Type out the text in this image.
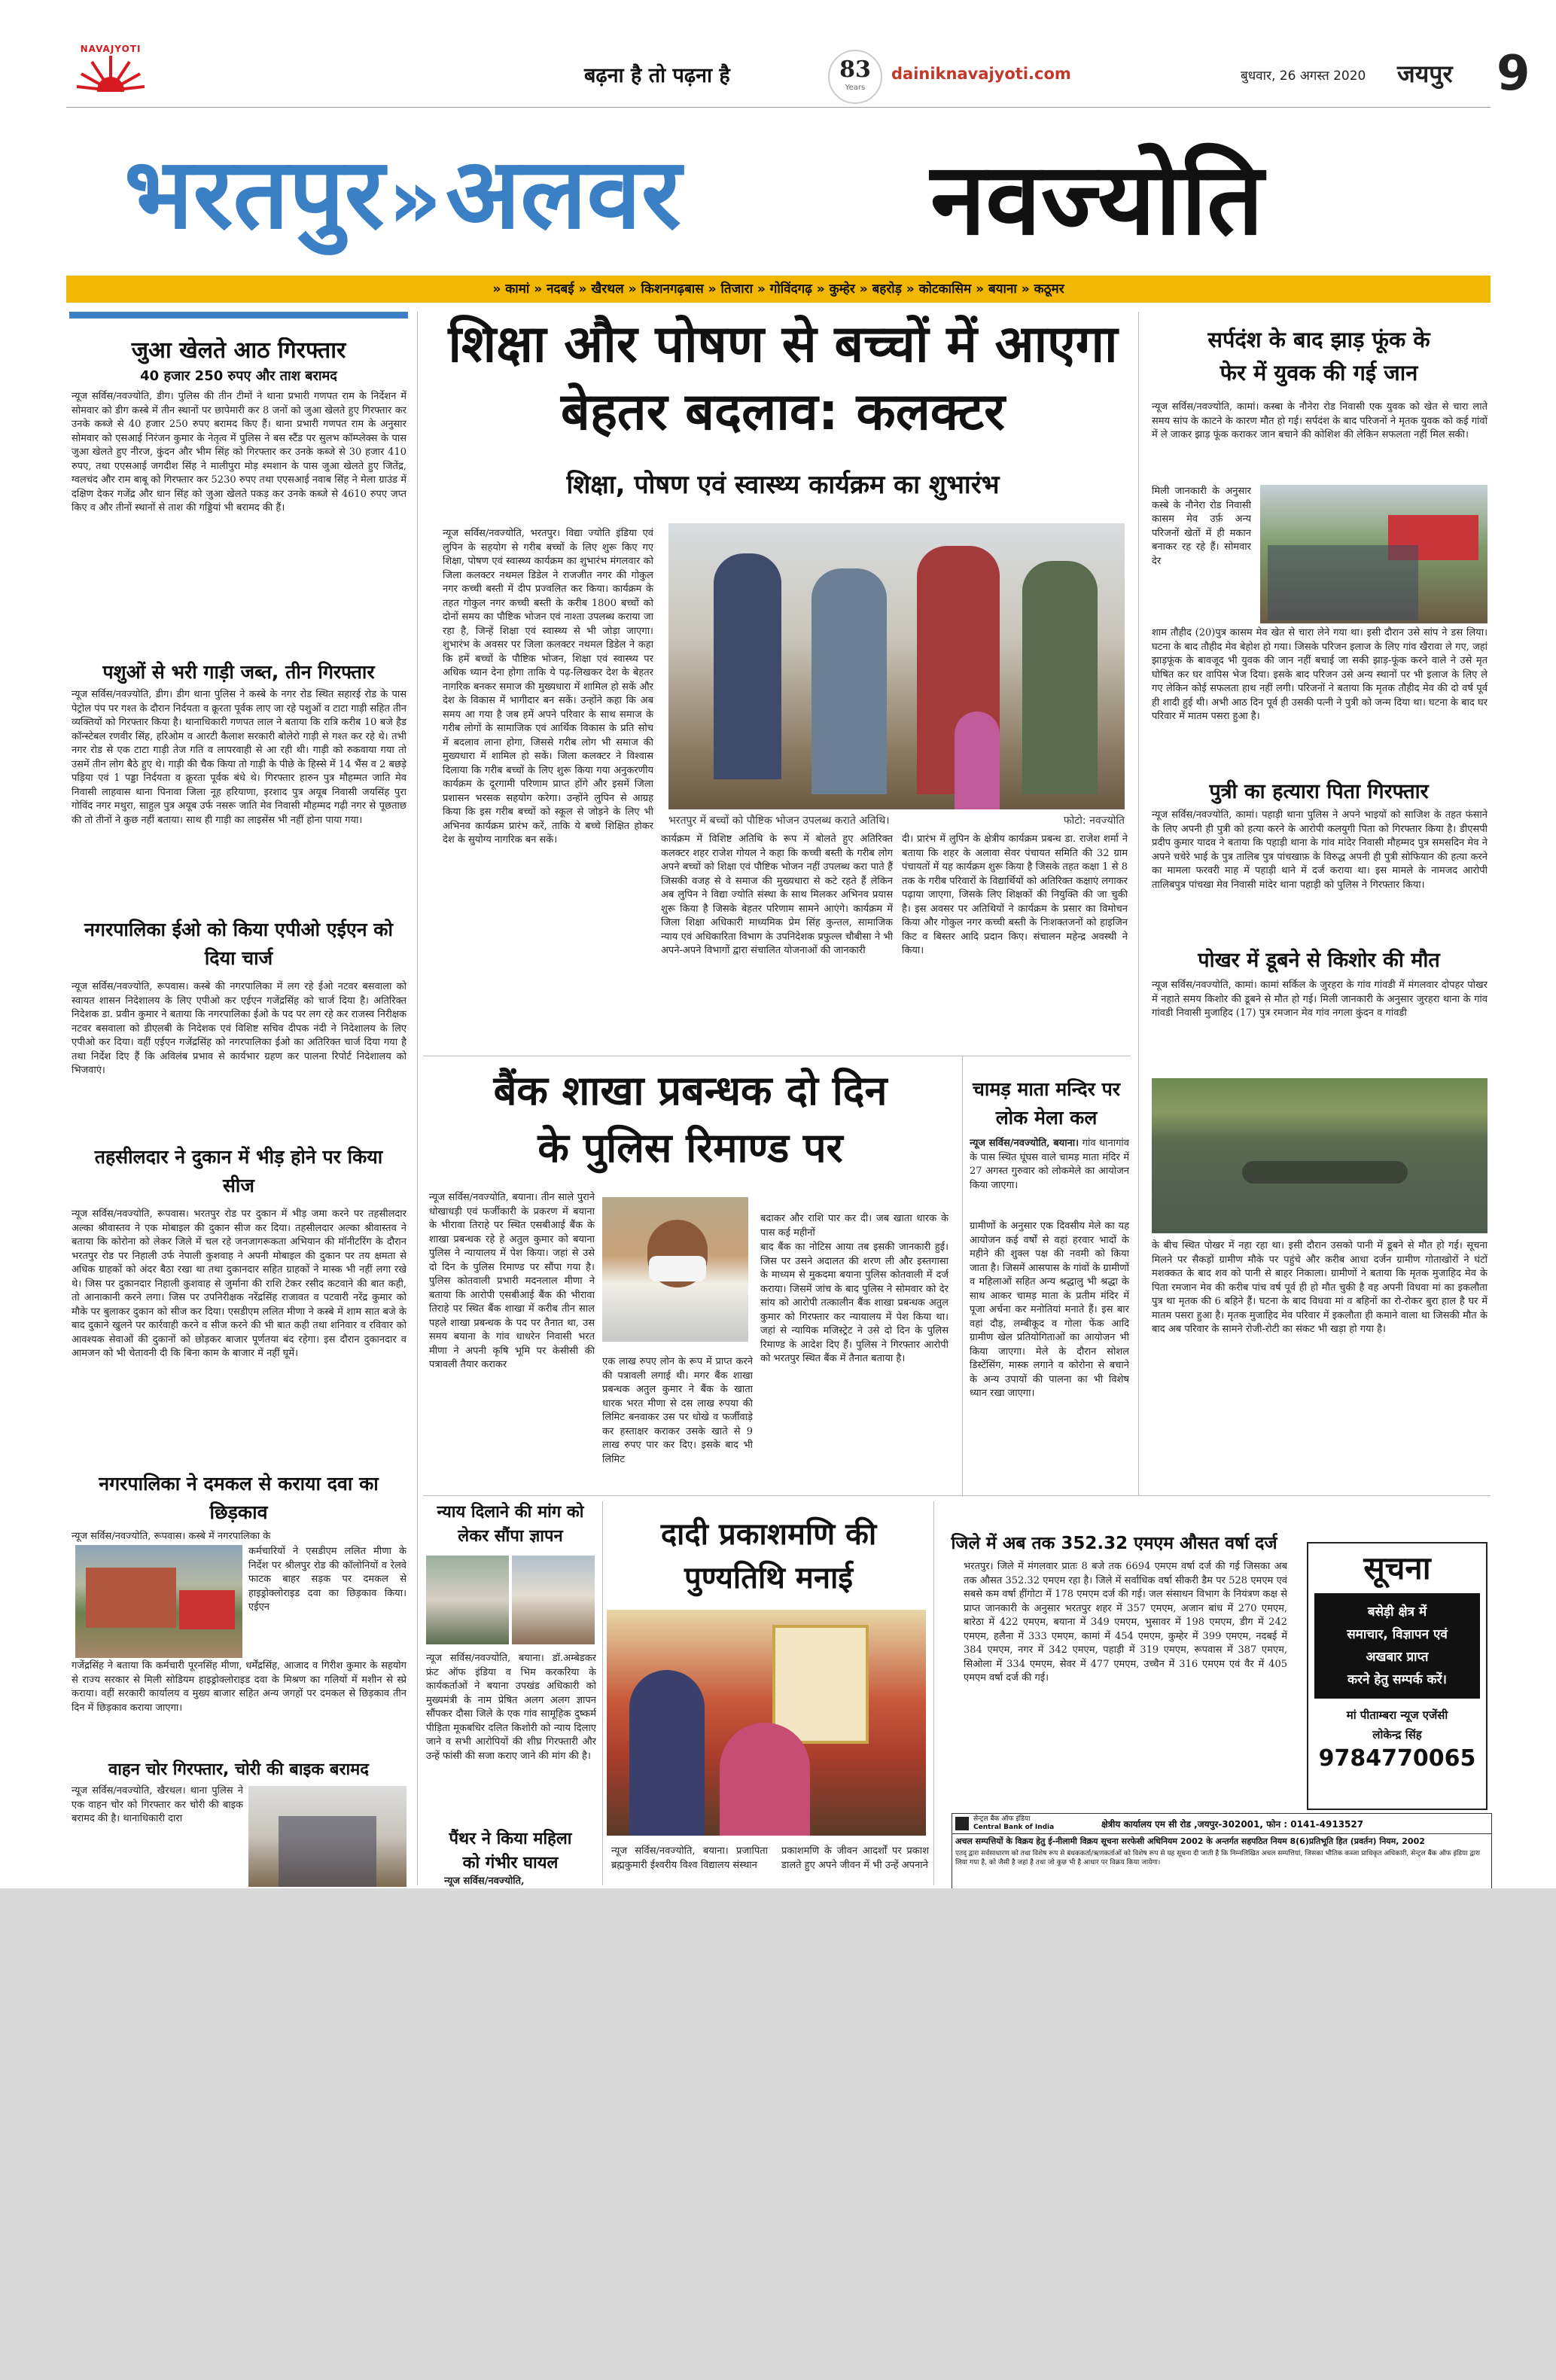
NAVAJYOTI
बढ़ना है तो पढ़ना है	83
Years
dainiknavajyoti.com	बुधवार, 26 अगस्त 2020 जयपुर 9
भरतपुर » अलवर	नवज्योति
» कामां » नदबई » खैरथल » किशनगढ़बास » तिजारा » गोविंदगढ़ » कुम्हेर » बहरोड़ » कोटकासिम » बयाना » कठूमर
जुआ खेलते आठ गिरफ्तार
40 हजार 250 रुपए और ताश बरामद

न्यूज सर्विस/नवज्योति, डीग। पुलिस की तीन टीमों ने थाना प्रभारी गणपत राम के निर्देशन में सोमवार को डीग कस्बे में तीन स्थानों पर छापेमारी कर 8 जनों को जुआ खेलते हुए गिरफ्तार कर उनके कब्जे से 40 हजार 250 रुपए बरामद किए हैं। थाना प्रभारी गणपत राम के अनुसार सोमवार को एसआई निरंजन कुमार के नेतृत्व में पुलिस ने बस स्टैंड पर सुलभ कॉम्प्लेक्स के पास जुआ खेलते हुए नीरज, कुंदन और भीम सिंह को गिरफ्तार कर उनके कब्जे से 30 हजार 410 रुपए, तथा एएसआई जगदीश सिंह ने मालीपुरा मोड़ श्मशान के पास जुआ खेलते हुए जितेंद्र, ग्वलचंद और राम बाबू को गिरफ्तार कर 5230 रुपए तथा एएसआई नवाब सिंह ने मेला ग्राउंड में दक्षिण देकर गजेंद्र और धान सिंह को जुआ खेलते पकड़ कर उनके कब्जे से 4610 रुपए जप्त किए व और तीनों स्थानों से ताश की गड्डियां भी बरामद की हैं।

पशुओं से भरी गाड़ी जब्त, तीन गिरफ्तार

न्यूज सर्विस/नवज्योति, डीग। डीग थाना पुलिस ने कस्बे के नगर रोड स्थित सहारई रोड के पास पेट्रोल पंप पर गश्त के दौरान निर्दयता व क्रूरता पूर्वक लाए जा रहे पशुओं व टाटा गाड़ी सहित तीन व्यक्तियों को गिरफ्तार किया है। थानाधिकारी गणपत लाल ने बताया कि रात्रि करीब 10 बजे हैड कॉन्स्टेबल रणवीर सिंह, हरिओम व आरटी कैलाश सरकारी बोलेरो गाड़ी से गश्त कर रहे थे। तभी नगर रोड से एक टाटा गाड़ी तेज गति व लापरवाही से आ रही थी। गाड़ी को रुकवाया गया तो उसमें तीन लोग बैठे हुए थे। गाड़ी की चैक किया तो गाड़ी के पीछे के हिस्से में 14 भैंस व 2 बछड़े पड़िया एवं 1 पड्डा निर्दयता व क्रूरता पूर्वक बंधे थे। गिरफ्तार हारुन पुत्र मौहम्मत जाति मेव निवासी लाहवास थाना पिनावा जिला नूह हरियाणा, इरशाद पुत्र अयूब निवासी जयसिंह पुरा गोविंद नगर मथुरा, साहुल पुत्र अयूब उर्फ नसरू जाति मेव निवासी मौहम्मद गढ़ी नगर से पूछताछ की तो तीनों ने कुछ नहीं बताया। साथ ही गाड़ी का लाइसेंस भी नहीं होना पाया गया।

नगरपालिका ईओ को किया एपीओ एईएन को दिया चार्ज

न्यूज सर्विस/नवज्योति, रूपवास। कस्बे की नगरपालिका में लग रहे ईओ नटवर बसवाला को स्वायत शासन निदेशालय के लिए एपीओ कर एईएन गजेंद्रसिंह को चार्ज दिया है। अतिरिक्त निदेशक डा. प्रवीन कुमार ने बताया कि नगरपालिका ईओ के पद पर लग रहे कर राजस्व निरीक्षक नटवर बसवाला को डीएलबी के निदेशक एवं विशिष्ट सचिव दीपक नंदी ने निदेशालय के लिए एपीओ कर दिया। वहीं एईएन गजेंद्रसिंह को नगरपालिका ईओ का अतिरिक्त चार्ज दिया गया है तथा निर्देश दिए हैं कि अविलंब प्रभाव से कार्यभार ग्रहण कर पालना रिपोर्ट निदेशालय को भिजवाएं।

तहसीलदार ने दुकान में भीड़ होने पर किया सीज

न्यूज सर्विस/नवज्योति, रूपवास। भरतपुर रोड पर दुकान में भीड़ जमा करने पर तहसीलदार अल्का श्रीवास्तव ने एक मोबाइल की दुकान सीज कर दिया। तहसीलदार अल्का श्रीवास्तव ने बताया कि कोरोना को लेकर जिले में चल रहे जनजागरूकता अभियान की मॉनीटरिंग के दौरान भरतपुर रोड पर निहाली उर्फ नेपाली कुशवाह ने अपनी मोबाइल की दुकान पर तय क्षमता से अधिक ग्राहकों को अंदर बैठा रखा था तथा दुकानदार सहित ग्राहकों ने मास्क भी नहीं लगा रखे थे। जिस पर दुकानदार निहाली कुशवाह से जुर्माना की राशि टेकर रसीद कटवाने की बात कही, तो आनाकानी करने लगा। जिस पर उपनिरीक्षक नरेंद्रसिंह राजावत व पटवारी नरेंद्र कुमार को मौके पर बुलाकर दुकान को सीज कर दिया। एसडीएम ललित मीणा ने कस्बे में शाम सात बजे के बाद दुकाने खुलने पर कार्रवाही करने व सीज करने की भी बात कही तथा शनिवार व रविवार को आवश्यक सेवाओं की दुकानों को छोड़कर बाजार पूर्णतया बंद रहेगा। इस दौरान दुकानदार व आमजन को भी चेतावनी दी कि बिना काम के बाजार में नहीं घूमें।

नगरपालिका ने दमकल से कराया दवा का छिड़काव

न्यूज सर्विस/नवज्योति, रूपवास। कस्बे में नगरपालिका के

कर्मचारियों ने एसडीएम ललित मीणा के निर्देश पर श्रीलपुर रोड की कॉलोनियों व रेलवे फाटक बाहर सड़क पर दमकल से हाइड्रोक्लोराइड दवा का छिड़काव किया। एईएन

गजेंद्रसिंह ने बताया कि कर्मचारी पूरनसिंह मीणा, धर्मेंद्रसिंह, आजाद व गिरीश कुमार के सहयोग से राज्य सरकार से मिली सोडियम हाइड्रोक्लोराइड दवा के मिश्रण का गलियों में मशीन से स्प्रे कराया। वहीं सरकारी कार्यालय व मुख्य बाजार सहित अन्य जगहों पर दमकल से छिड़काव तीन दिन में छिड़काव कराया जाएगा।

वाहन चोर गिरफ्तार, चोरी की बाइक बरामद

न्यूज सर्विस/नवज्योति, खैरथल। थाना पुलिस ने एक वाहन चोर को गिरफ्तार कर चोरी की बाइक बरामद की है। थानाधिकारी दारा

शिक्षा और पोषण से बच्चों में आएगा
बेहतर बदलाव: कलक्टर
शिक्षा, पोषण एवं स्वास्थ्य कार्यक्रम का शुभारंभ

न्यूज सर्विस/नवज्योति, भरतपुर। विद्या ज्योति इंडिया एवं लुपिन के सहयोग से गरीब बच्चों के लिए शुरू किए गए शिक्षा, पोषण एवं स्वास्थ्य कार्यक्रम का शुभारंभ मंगलवार को जिला कलक्टर नथमल डिडेल ने राजजीत नगर की गोकुल नगर कच्ची बस्ती में दीप प्रज्वलित कर किया। कार्यक्रम के तहत गोकुल नगर कच्ची बस्ती के करीब 1800 बच्चों को दोनों समय का पौष्टिक भोजन एवं नाश्ता उपलब्ध कराया जा रहा है, जिन्हें शिक्षा एवं स्वास्थ्य से भी जोड़ा जाएगा। शुभारंभ के अवसर पर जिला कलक्टर नथमल डिडेल ने कहा कि हमें बच्चों के पौष्टिक भोजन, शिक्षा एवं स्वास्थ्य पर अधिक ध्यान देना होगा ताकि ये पढ़-लिखकर देश के बेहतर नागरिक बनकर समाज की मुख्यधारा में शामिल हो सकें और देश के विकास में भागीदार बन सकें। उन्होंने कहा कि अब समय आ गया है जब हमें अपने परिवार के साथ समाज के गरीब लोगों के सामाजिक एवं आर्थिक विकास के प्रति सोच में बदलाव लाना होगा, जिससे गरीब लोग भी समाज की मुख्यधारा में शामिल हो सकें। जिला कलक्टर ने विश्वास दिलाया कि गरीब बच्चों के लिए शुरू किया गया अनुकरणीय कार्यक्रम के दूरगामी परिणाम प्राप्त होंगे और इसमें जिला प्रशासन भरसक सहयोग करेगा। उन्होंने लुपिन से आग्रह किया कि इस गरीब बच्चों को स्कूल से जोड़ने के लिए भी अभिनव कार्यक्रम प्रारंभ करें, ताकि ये बच्चे शिक्षित होकर देश के सुयोग्य नागरिक बन सकें।

भरतपुर में बच्चों को पौष्टिक भोजन उपलब्ध कराते अतिथि।	फोटो: नवज्योति

कार्यक्रम में विशिष्ट अतिथि के रूप में बोलते हुए अतिरिक्त कलक्टर शहर राजेश गोयल ने कहा कि कच्ची बस्ती के गरीब लोग अपने बच्चों को शिक्षा एवं पौष्टिक भोजन नहीं उपलब्ध करा पाते हैं जिसकी वजह से वे समाज की मुख्यधारा से कटे रहते हैं लेकिन अब लुपिन ने विद्या ज्योति संस्था के साथ मिलकर अभिनव प्रयास शुरू किया है जिसके बेहतर परिणाम सामने आएंगे। कार्यक्रम में जिला शिक्षा अधिकारी माध्यमिक प्रेम सिंह कुन्तल, सामाजिक न्याय एवं अधिकारिता विभाग के उपनिदेशक प्रफुल्ल चौबीसा ने भी अपने-अपने विभागों द्वारा संचालित योजनाओं की जानकारी

दी। प्रारंभ में लुपिन के क्षेत्रीय कार्यक्रम प्रबन्ध डा. राजेश शर्मा ने बताया कि शहर के अलावा सेवर पंचायत समिति की 32 ग्राम पंचायतों में यह कार्यक्रम शुरू किया है जिसके तहत कक्षा 1 से 8 तक के गरीब परिवारों के विद्यार्थियों को अतिरिक्त कक्षाएं लगाकर पढ़ाया जाएगा, जिसके लिए शिक्षकों की नियुक्ति की जा चुकी है। इस अवसर पर अतिथियों ने कार्यक्रम के प्रसार का विमोचन किया और गोकुल नगर कच्ची बस्ती के निःशक्तजनों को हाइजिन किट व बिस्तर आदि प्रदान किए। संचालन महेन्द्र अवस्थी ने किया।

बैंक शाखा प्रबन्धक दो दिन
के पुलिस रिमाण्ड पर

न्यूज सर्विस/नवज्योति, बयाना। तीन साले पुराने धोखाधड़ी एवं फर्जीकारी के प्रकरण में बयाना के भीरावा तिराहे पर स्थित एसबीआई बैंक के शाखा प्रबन्धक रहे हे अतुल कुमार को बयाना पुलिस ने न्यायालय में पेश किया। जहां से उसे दो दिन के पुलिस रिमाण्ड पर सौंपा गया है। पुलिस कोतवाली प्रभारी मदनलाल मीणा ने बताया कि आरोपी एसबीआई बैंक की भीरावा तिराहे पर स्थित बैंक शाखा में करीब तीन साल पहले शाखा प्रबन्धक के पद पर तैनात था, उस समय बयाना के गांव धाधरेन निवासी भरत मीणा ने अपनी कृषि भूमि पर केसीसी की पत्रावली तैयार कराकर	एक लाख रुपए लोन के रूप में प्राप्त करने की पत्रावली लगाई थी। मगर बैंक शाखा प्रबन्धक अतुल कुमार ने बैंक के खाता धारक भरत मीणा से दस लाख रुपया की लिमिट बनवाकर उस पर धोखे व फर्जीवाड़े कर हस्ताक्षर कराकर उसके खाते से 9 लाख रुपए पार कर दिए। इसके बाद भी लिमिट

बदाकर और राशि पार कर दी। जब खाता धारक के पास कई महीनों

बाद बैंक का नोटिस आया तब इसकी जानकारी हुई। जिस पर उसने अदालत की शरण ली और इस्तगासा के माध्यम से मुकदमा बयाना पुलिस कोतवाली में दर्ज कराया। जिसमें जांच के बाद पुलिस ने सोमवार को देर सांय को आरोपी तत्कालीन बैंक शाखा प्रबन्धक अतुल कुमार को गिरफ्तार कर न्यायालय में पेश किया था। जहां से न्यायिक मजिस्ट्रेट ने उसे दो दिन के पुलिस रिमाण्ड के आदेश दिए हैं। पुलिस ने गिरफ्तार आरोपी को भरतपुर स्थित बैंक में तैनात बताया है।

चामड़ माता मन्दिर पर
लोक मेला कल

न्यूज सर्विस/नवज्योति, बयाना। गांव थानागांव के पास स्थित घूंघस वाले चामड़ माता मंदिर में 27 अगस्त गुरुवार को लोकमेले का आयोजन किया जाएगा।

ग्रामीणों के अनुसार एक दिवसीय मेले का यह आयोजन कई वर्षों से वहां हरवार भादों के महीने की शुक्ल पक्ष की नवमी को किया जाता है। जिसमें आसपास के गांवों के ग्रामीणों व महिलाओं सहित अन्य श्रद्धालु भी श्रद्धा के साथ आकर चामड़ माता के प्रतीम मंदिर में पूजा अर्चना कर मनोतियां मनाते हैं। इस बार वहां दौड़, लम्बीकूद व गोला फेंक आदि ग्रामीण खेल प्रतियोगिताओं का आयोजन भी किया जाएगा। मेले के दौरान सोशल डिस्टेंसिंग, मास्क लगाने व कोरोना से बचाने के अन्य उपायों की पालना का भी विशेष ध्यान रखा जाएगा।

न्याय दिलाने की मांग को
लेकर सौंपा ज्ञापन

न्यूज सर्विस/नवज्योति, बयाना। डॉ.अम्बेडकर फ्रंट ऑफ इंडिया व भिम करकरिया के कार्यकर्ताओं ने बयाना उपखंड अधिकारी को मुख्यमंत्री के नाम प्रेषित अलग अलग ज्ञापन सौंपकर दौसा जिले के एक गांव सामूहिक दुष्कर्म पीड़िता मूकबधिर दलित किशोरी को न्याय दिलाए जाने व सभी आरोपियों की शीघ्र गिरफ्तारी और उन्हें फांसी की सजा कराए जाने की मांग की है।

पैंथर ने किया महिला
को गंभीर घायल

न्यूज सर्विस/नवज्योति,

दादी प्रकाशमणि की
पुण्यतिथि मनाई

न्यूज सर्विस/नवज्योति, बयाना। प्रजापिता ब्रह्मकुमारी ईश्वरीय विश्व विद्यालय संस्थान

प्रकाशमणि के जीवन आदर्शों पर प्रकाश डालते हुए अपने जीवन में भी उन्हें अपनाने

जिले में अब तक 352.32 एमएम औसत वर्षा दर्ज

भरतपुर। जिले में मंगलवार प्रातः 8 बजे तक 6694 एमएम वर्षा दर्ज की गई जिसका अब तक औसत 352.32 एमएम रहा है। जिले में सर्वाधिक वर्षा सीकरी डैम पर 528 एमएम एवं सबसे कम वर्षा हींगोटा में 178 एमएम दर्ज की गई। जल संसाधन विभाग के नियंत्रण कक्ष से प्राप्त जानकारी के अनुसार भरतपुर शहर में 357 एमएम, अजान बांध में 270 एमएम, बारेठा में 422 एमएम, बयाना में 349 एमएम, भुसावर में 198 एमएम, डीग में 242 एमएम, हलैना में 333 एमएम, कामां में 454 एमएम, कुम्हेर में 399 एमएम, नदबई में 384 एमएम, नगर में 342 एमएम, पहाड़ी में 319 एमएम, रूपवास में 387 एमएम, सिओला में 334 एमएम, सेवर में 477 एमएम, उच्चैन में 316 एमएम एवं वैर में 405 एमएम वर्षा दर्ज की गई।

सूचना
बसेड़ी क्षेत्र में
समाचार, विज्ञापन एवं
अखबार प्राप्त
करने हेतु सम्पर्क करें।
मां पीताम्बरा न्यूज एजेंसी
लोकेन्द्र सिंह
9784770065
सेन्ट्रल बैंक ऑफ इंडिया
Central Bank of India	क्षेत्रीय कार्यालय एम सी रोड ,जयपुर-302001, फोन : 0141-4913527
अचल सम्पत्तियों के विक्रय हेतु ई-नीलामी विक्रय सूचना सरफेसी अधिनियम 2002 के अन्तर्गत सहपठित नियम 8(6)प्रतिभूति हित (प्रवर्तन) नियम, 2002
एतद् द्वारा सर्वसाधारण को तथा विशेष रूप से बंधककर्ता/ऋणकर्ताओं को विशेष रूप से यह सूचना दी जाती है कि निम्नलिखित अचल सम्पत्तियां, जिसका भौतिक कब्जा प्राधिकृत अधिकारी, सेन्ट्रल बैंक ऑफ इंडिया द्वारा लिया गया है, को जैसी है जहां है तथा जो कुछ भी है आधार पर विक्रय किया जायेगा।
सर्पदंश के बाद झाड़ फूंक के
फेर में युवक की गई जान

न्यूज सर्विस/नवज्योति, कामां। कस्बा के नौनेरा रोड निवासी एक युवक को खेत से चारा लाते समय सांप के काटने के कारण मौत हो गई। सर्पदंश के बाद परिजनों ने मृतक युवक को कई गांवों में ले जाकर झाड़ फूंक कराकर जान बचाने की कोशिश की लेकिन सफलता नहीं मिल सकी।

मिली जानकारी के अनुसार कस्बे के नौनेरा रोड निवासी कासम मेव उर्फ़ अन्य परिजनों खेतों में ही मकान बनाकर रह रहे हैं। सोमवार देर

शाम तौहीद (20)पुत्र कासम मेव खेत से चारा लेने गया था। इसी दौरान उसे सांप ने डस लिया। घटना के बाद तौहीद मेव बेहोश हो गया। जिसके परिजन इलाज के लिए गांव खैरावा ले गए, जहां झाड़फूंक के बावजूद भी युवक की जान नहीं बचाई जा सकी झाड़-फूंक करने वाले ने उसे मृत घोषित कर घर वापिस भेज दिया। इसके बाद परिजन उसे अन्य स्थानों पर भी इलाज के लिए ले गए लेकिन कोई सफलता हाथ नहीं लगी। परिजनों ने बताया कि मृतक तौहीद मेव की दो वर्ष पूर्व ही शादी हुई थी। अभी आठ दिन पूर्व ही उसकी पत्नी ने पुत्री को जन्म दिया था। घटना के बाद घर परिवार में मातम पसरा हुआ है।

पुत्री का हत्यारा पिता गिरफ्तार

न्यूज सर्विस/नवज्योति, कामां। पहाड़ी थाना पुलिस ने अपने भाइयों को साजिश के तहत फंसाने के लिए अपनी ही पुत्री को हत्या करने के आरोपी कलयुगी पिता को गिरफ्तार किया है। डीएसपी प्रदीप कुमार यादव ने बताया कि पहाड़ी थाना के गांव मांदेर निवासी मौहम्मद पुत्र समसदिन मेव ने अपने चचेरे भाई के पुत्र तालिब पुत्र पांचखाफ़ के विरुद्ध अपनी ही पुत्री सोफियान की हत्या करने का मामला फरवरी माह में पहाड़ी थाने में दर्ज कराया था। इस मामले के नामजद आरोपी तालिबपुत्र पांचखा मेव निवासी मांदेर थाना पहाड़ी को पुलिस ने गिरफ्तार किया।

पोखर में डूबने से किशोर की मौत

न्यूज सर्विस/नवज्योति, कामां। कामां सर्किल के जुरहरा के गांव गांवडी में मंगलवार दोपहर पोखर में नहाते समय किशोर की डूबने से मौत हो गई। मिली जानकारी के अनुसार जुरहरा थाना के गांव गांवडी निवासी मुजाहिद (17) पुत्र रमजान मेव गांव नगला कुंदन व गांवडी

के बीच स्थित पोखर में नहा रहा था। इसी दौरान उसको पानी में डूबने से मौत हो गई। सूचना मिलने पर सैकड़ों ग्रामीण मौके पर पहुंचे और करीब आधा दर्जन ग्रामीण गोताखोरों ने घंटों मशक्कत के बाद शव को पानी से बाहर निकाला। ग्रामीणों ने बताया कि मृतक मुजाहिद मेव के पिता रमजान मेव की करीब पांच वर्ष पूर्व ही हो मौत चुकी है वह अपनी विधवा मां का इकलौता पुत्र था मृतक की 6 बहिने हैं। घटना के बाद विधवा मां व बहिनों का रो-रोकर बुरा हाल है घर में मातम पसरा हुआ है। मृतक मुजाहिद मेव परिवार में इकलौता ही कमाने वाला था जिसकी मौत के बाद अब परिवार के सामने रोजी-रोटी का संकट भी खड़ा हो गया है।
